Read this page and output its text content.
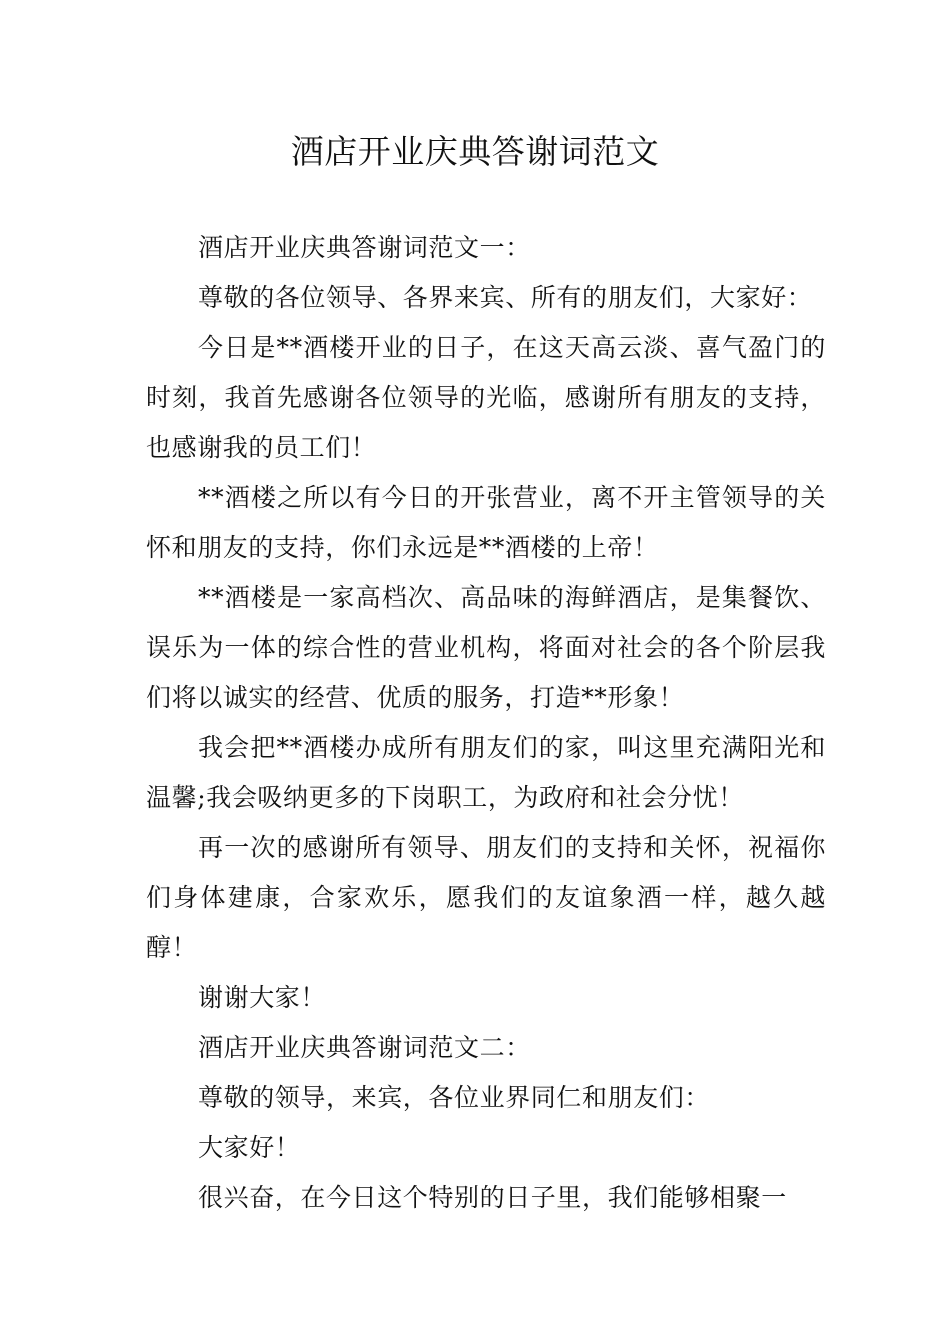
酒店开业庆典答谢词范文

酒店开业庆典答谢词范文一：

尊敬的各位领导、各界来宾、所有的朋友们，大家好：

今日是**酒楼开业的日子，在这天高云淡、喜气盈门的时刻，我首先感谢各位领导的光临，感谢所有朋友的支持，也感谢我的员工们！

**酒楼之所以有今日的开张营业，离不开主管领导的关怀和朋友的支持，你们永远是**酒楼的上帝！

**酒楼是一家高档次、高品味的海鲜酒店，是集餐饮、误乐为一体的综合性的营业机构，将面对社会的各个阶层我们将以诚实的经营、优质的服务，打造**形象！

我会把**酒楼办成所有朋友们的家，叫这里充满阳光和温馨;我会吸纳更多的下岗职工，为政府和社会分忧！

再一次的感谢所有领导、朋友们的支持和关怀，祝福你们身体建康，合家欢乐，愿我们的友谊象酒一样，越久越醇！

谢谢大家！

酒店开业庆典答谢词范文二：

尊敬的领导，来宾，各位业界同仁和朋友们：

大家好！

很兴奋，在今日这个特别的日子里，我们能够相聚一
